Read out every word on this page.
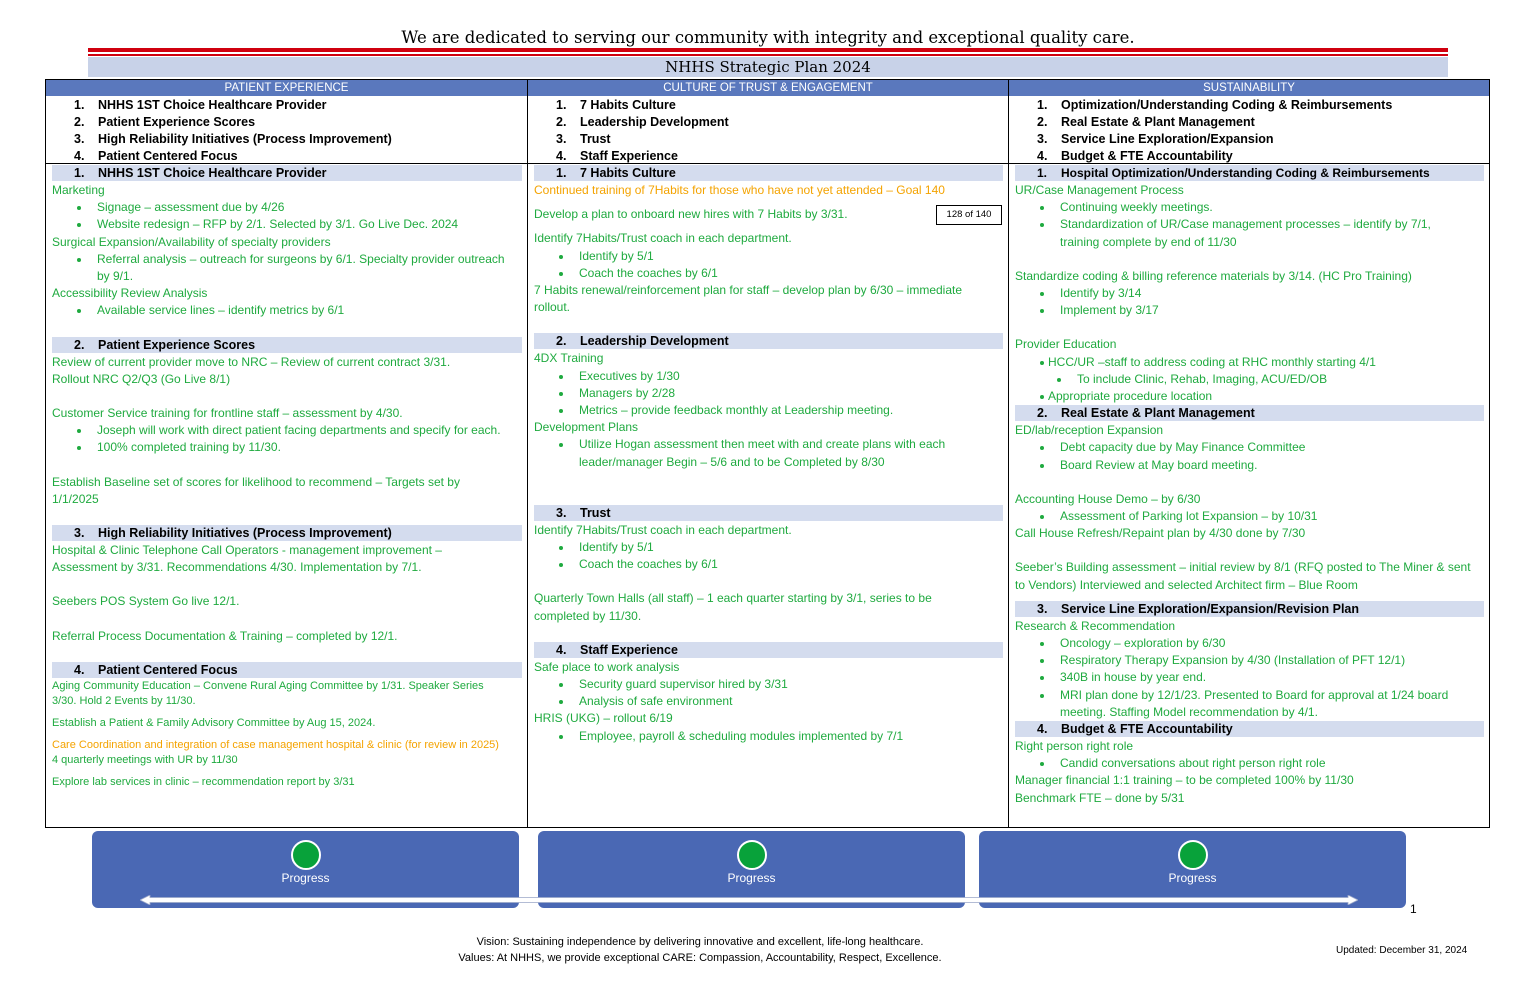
We are dedicated to serving our community with integrity and exceptional quality care.
NHHS Strategic Plan 2024
PATIENT EXPERIENCE
1. NHHS 1ST Choice Healthcare Provider
2. Patient Experience Scores
3. High Reliability Initiatives (Process Improvement)
4. Patient Centered Focus
1. NHHS 1ST Choice Healthcare Provider
Marketing
Signage – assessment due by 4/26
Website redesign – RFP by 2/1. Selected by 3/1. Go Live Dec. 2024
Surgical Expansion/Availability of specialty providers
Referral analysis – outreach for surgeons by 6/1. Specialty provider outreach by 9/1.
Accessibility Review Analysis
Available service lines – identify metrics by 6/1
2. Patient Experience Scores
Review of current provider move to NRC – Review of current contract 3/31.
Rollout NRC Q2/Q3 (Go Live 8/1)
Customer Service training for frontline staff – assessment by 4/30.
Joseph will work with direct patient facing departments and specify for each.
100% completed training by 11/30.
Establish Baseline set of scores for likelihood to recommend – Targets set by 1/1/2025
3. High Reliability Initiatives (Process Improvement)
Hospital & Clinic Telephone Call Operators - management improvement – Assessment by 3/31. Recommendations 4/30. Implementation by 7/1.
Seebers POS System Go live 12/1.
Referral Process Documentation & Training – completed by 12/1.
4. Patient Centered Focus
Aging Community Education – Convene Rural Aging Committee by 1/31. Speaker Series 3/30. Hold 2 Events by 11/30.
Establish a Patient & Family Advisory Committee by Aug 15, 2024.
Care Coordination and integration of case management hospital & clinic (for review in 2025)
4 quarterly meetings with UR by 11/30
Explore lab services in clinic – recommendation report by 3/31
CULTURE OF TRUST & ENGAGEMENT
1. 7 Habits Culture
2. Leadership Development
3. Trust
4. Staff Experience
1. 7 Habits Culture
Continued training of 7Habits for those who have not yet attended – Goal 140
Develop a plan to onboard new hires with 7 Habits by 3/31.
Identify 7Habits/Trust coach in each department.
Identify by 5/1
Coach the coaches by 6/1
7 Habits renewal/reinforcement plan for staff – develop plan by 6/30 – immediate rollout.
2. Leadership Development
4DX Training
Executives by 1/30
Managers by 2/28
Metrics – provide feedback monthly at Leadership meeting.
Development Plans
Utilize Hogan assessment then meet with and create plans with each leader/manager Begin – 5/6 and to be Completed by 8/30
3. Trust
Identify 7Habits/Trust coach in each department.
Identify by 5/1
Coach the coaches by 6/1
Quarterly Town Halls (all staff) – 1 each quarter starting by 3/1, series to be completed by 11/30.
4. Staff Experience
Safe place to work analysis
Security guard supervisor hired by 3/31
Analysis of safe environment
HRIS (UKG) – rollout 6/19
Employee, payroll & scheduling modules implemented by 7/1
SUSTAINABILITY
1. Optimization/Understanding Coding & Reimbursements
2. Real Estate & Plant Management
3. Service Line Exploration/Expansion
4. Budget & FTE Accountability
1. Hospital Optimization/Understanding Coding & Reimbursements
UR/Case Management Process
Continuing weekly meetings.
Standardization of UR/Case management processes – identify by 7/1, training complete by end of 11/30
Standardize coding & billing reference materials by 3/14. (HC Pro Training)
Identify by 3/14
Implement by 3/17
Provider Education
HCC/UR –staff to address coding at RHC monthly starting 4/1
To include Clinic, Rehab, Imaging, ACU/ED/OB
Appropriate procedure location
2. Real Estate & Plant Management
ED/lab/reception Expansion
Debt capacity due by May Finance Committee
Board Review at May board meeting.
Accounting House Demo – by 6/30
Assessment of Parking lot Expansion – by 10/31
Call House Refresh/Repaint plan by 4/30 done by 7/30
Seeber’s Building assessment – initial review by 8/1 (RFQ posted to The Miner & sent to Vendors) Interviewed and selected Architect firm – Blue Room
3. Service Line Exploration/Expansion/Revision Plan
Research & Recommendation
Oncology – exploration by 6/30
Respiratory Therapy Expansion by 4/30 (Installation of PFT 12/1)
340B in house by year end.
MRI plan done by 12/1/23. Presented to Board for approval at 1/24 board meeting. Staffing Model recommendation by 4/1.
4. Budget & FTE Accountability
Right person right role
Candid conversations about right person right role
Manager financial 1:1 training – to be completed 100% by 11/30
Benchmark FTE – done by 5/31
128 of 140
Progress	Progress	Progress
1
Vision: Sustaining independence by delivering innovative and excellent, life-long healthcare.
Values: At NHHS, we provide exceptional CARE: Compassion, Accountability, Respect, Excellence.
Updated: December 31, 2024
